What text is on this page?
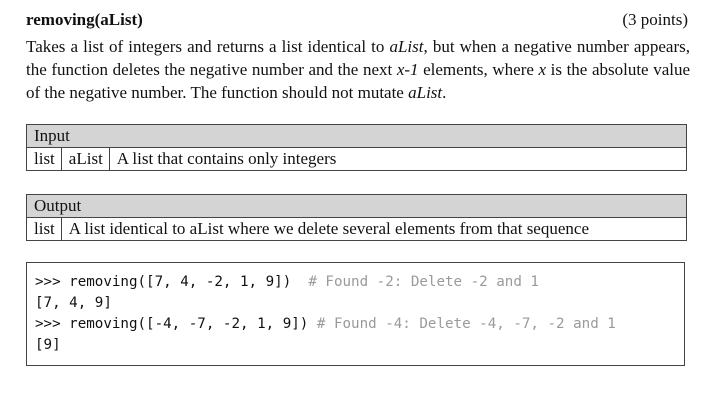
removing(aList)	(3 points)
Takes a list of integers and returns a list identical to aList, but when a negative number appears,
the function deletes the negative number and the next x-1 elements, where x is the absolute value
of the negative number. The function should not mutate aList.
Input
list aList A list that contains only integers
Output
list A list identical to aList where we delete several elements from that sequence
>>> removing([7, 4, -2, 1, 9])  # Found -2: Delete -2 and 1
[7, 4, 9]
>>> removing([-4, -7, -2, 1, 9]) # Found -4: Delete -4, -7, -2 and 1
[9]
